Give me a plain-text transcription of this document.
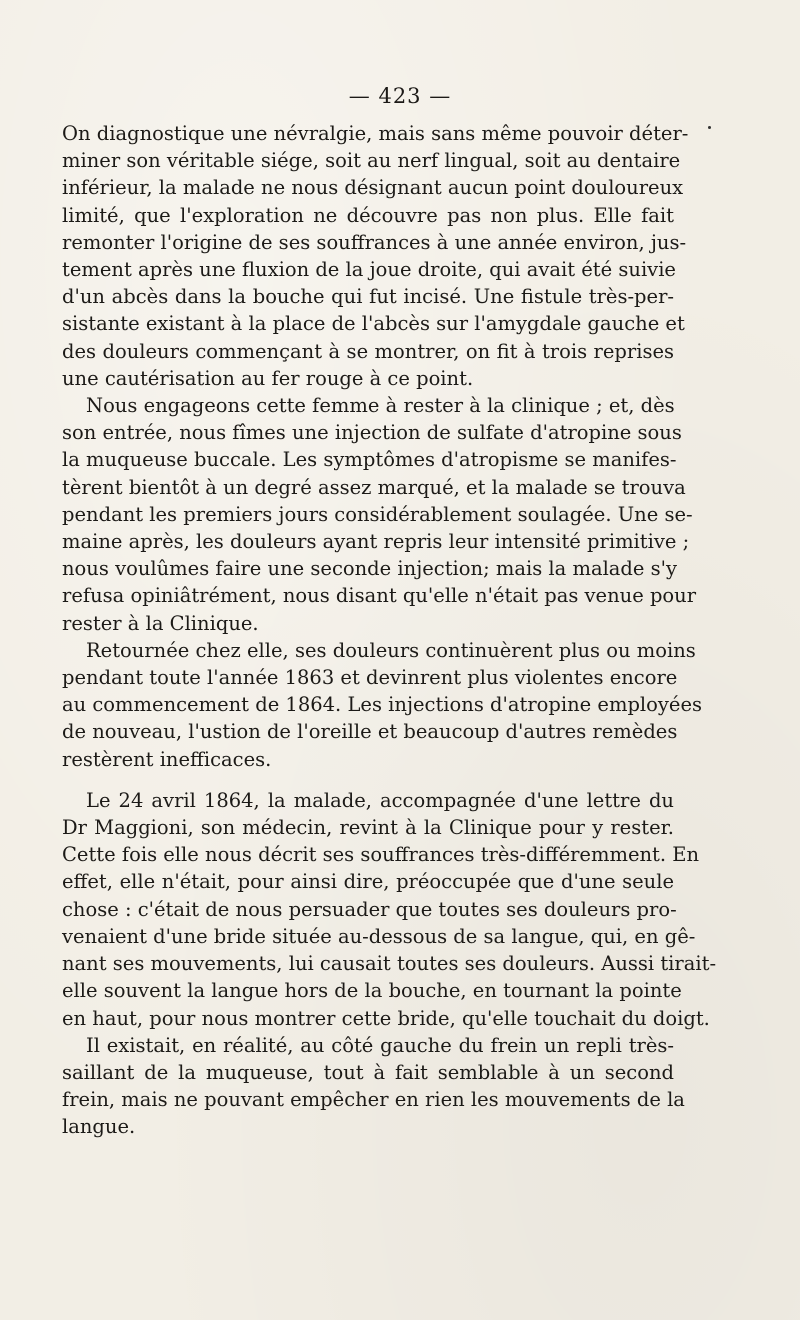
— 423 —
On diagnostique une névralgie, mais sans même pouvoir déter-
miner son véritable siége, soit au nerf lingual, soit au dentaire
inférieur, la malade ne nous désignant aucun point douloureux
limité, que l'exploration ne découvre pas non plus. Elle fait
remonter l'origine de ses souffrances à une année environ, jus-
tement après une fluxion de la joue droite, qui avait été suivie
d'un abcès dans la bouche qui fut incisé. Une fistule très-per-
sistante existant à la place de l'abcès sur l'amygdale gauche et
des douleurs commençant à se montrer, on fit à trois reprises
une cautérisation au fer rouge à ce point.
Nous engageons cette femme à rester à la clinique ; et, dès
son entrée, nous fîmes une injection de sulfate d'atropine sous
la muqueuse buccale. Les symptômes d'atropisme se manifes-
tèrent bientôt à un degré assez marqué, et la malade se trouva
pendant les premiers jours considérablement soulagée. Une se-
maine après, les douleurs ayant repris leur intensité primitive ;
nous voulûmes faire une seconde injection; mais la malade s'y
refusa opiniâtrément, nous disant qu'elle n'était pas venue pour
rester à la Clinique.
Retournée chez elle, ses douleurs continuèrent plus ou moins
pendant toute l'année 1863 et devinrent plus violentes encore
au commencement de 1864. Les injections d'atropine employées
de nouveau, l'ustion de l'oreille et beaucoup d'autres remèdes
restèrent inefficaces.
Le 24 avril 1864, la malade, accompagnée d'une lettre du
Dr Maggioni, son médecin, revint à la Clinique pour y rester.
Cette fois elle nous décrit ses souffrances très-différemment. En
effet, elle n'était, pour ainsi dire, préoccupée que d'une seule
chose : c'était de nous persuader que toutes ses douleurs pro-
venaient d'une bride située au-dessous de sa langue, qui, en gê-
nant ses mouvements, lui causait toutes ses douleurs. Aussi tirait-
elle souvent la langue hors de la bouche, en tournant la pointe
en haut, pour nous montrer cette bride, qu'elle touchait du doigt.
Il existait, en réalité, au côté gauche du frein un repli très-
saillant de la muqueuse, tout à fait semblable à un second
frein, mais ne pouvant empêcher en rien les mouvements de la
langue.
